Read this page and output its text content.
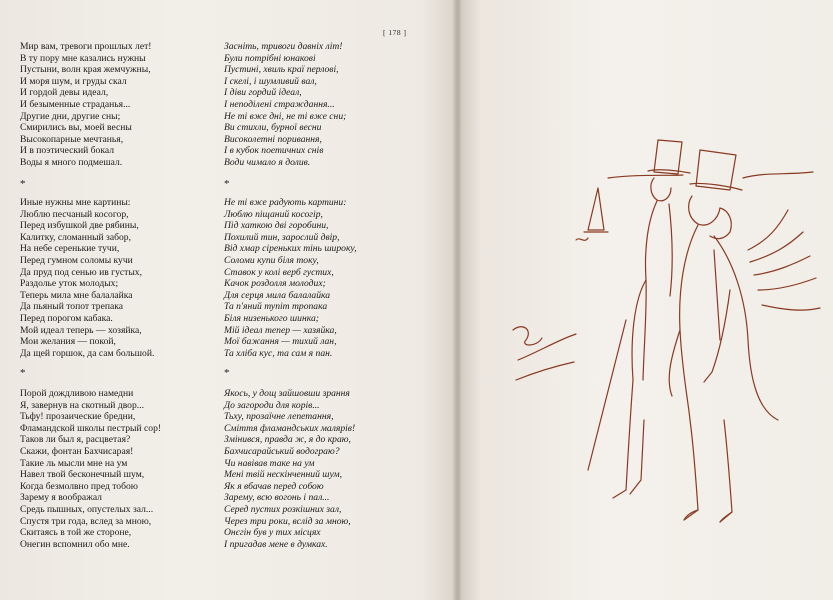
[ 178 ]
Мир вам, тревоги прошлых лет!
В ту пору мне казались нужны
Пустыни, волн края жемчужны,
И моря шум, и груды скал
И гордой девы идеал,
И безыменные страданья...
Другие дни, другие сны;
Смирились вы, моей весны
Высокопарные мечтанья,
И в поэтический бокал
Воды я много подмешал.
*
Иные нужны мне картины:
Люблю песчаный косогор,
Перед избушкой две рябины,
Калитку, сломанный забор,
На небе серенькие тучи,
Перед гумном соломы кучи
Да пруд под сенью ив густых,
Раздолье уток молодых;
Теперь мила мне балалайка
Да пьяный топот трепака
Перед порогом кабака.
Мой идеал теперь — хозяйка,
Мои желания — покой,
Да щей горшок, да сам большой.
*
Порой дождливою намедни
Я, завернув на скотный двор...
Тьфу! прозаические бредни,
Фламандской школы пестрый сор!
Таков ли был я, расцветая?
Скажи, фонтан Бахчисарая!
Такие ль мысли мне на ум
Навел твой бесконечный шум,
Когда безмолвно пред тобою
Зарему я воображал
Средь пышных, опустелых зал...
Спустя три года, вслед за мною,
Скитаясь в той же стороне,
Онегин вспомнил обо мне.
Засніть, тривоги давніх літ!
Були потрібні юнакові
Пустині, хвиль краї перлові,
І скелі, і шумливий вал,
І діви гордий ідеал,
І неподілені страждання...
Не ті вже дні, не ті вже сни;
Ви стихли, бурної весни
Високолетні поривання,
І в кубок поетичних снів
Води чимало я долив.
*
Не ті вже радують картини:
Люблю піщаний косогір,
Під хаткою дві горобини,
Похилий тин, зарослий двір,
Від хмар сіреньких тінь широку,
Соломи купи біля току,
Ставок у колі верб густих,
Качок роздолля молодих;
Для серця мила балалайка
Та п'яний тупіт тропака
Біля низенького шинка;
Мій ідеал тепер — хазяйка,
Мої бажання — тихий лан,
Та хліба кус, та сам я пан.
*
Якось, у дощ зайшовши зрання
До загороди для корів...
Тьху, прозаїчне лепетання,
Сміття фламандських малярів!
Змінився, правда ж, я до краю,
Бахчисарайський водограю?
Чи навівав таке на ум
Мені твій нескінченний шум,
Як я вбачав перед собою
Зарему, всю вогонь і пал...
Серед пустих розкішних зал,
Через три роки, вслід за мною,
Онєгін був у тих місцях
І пригадав мене в думках.
